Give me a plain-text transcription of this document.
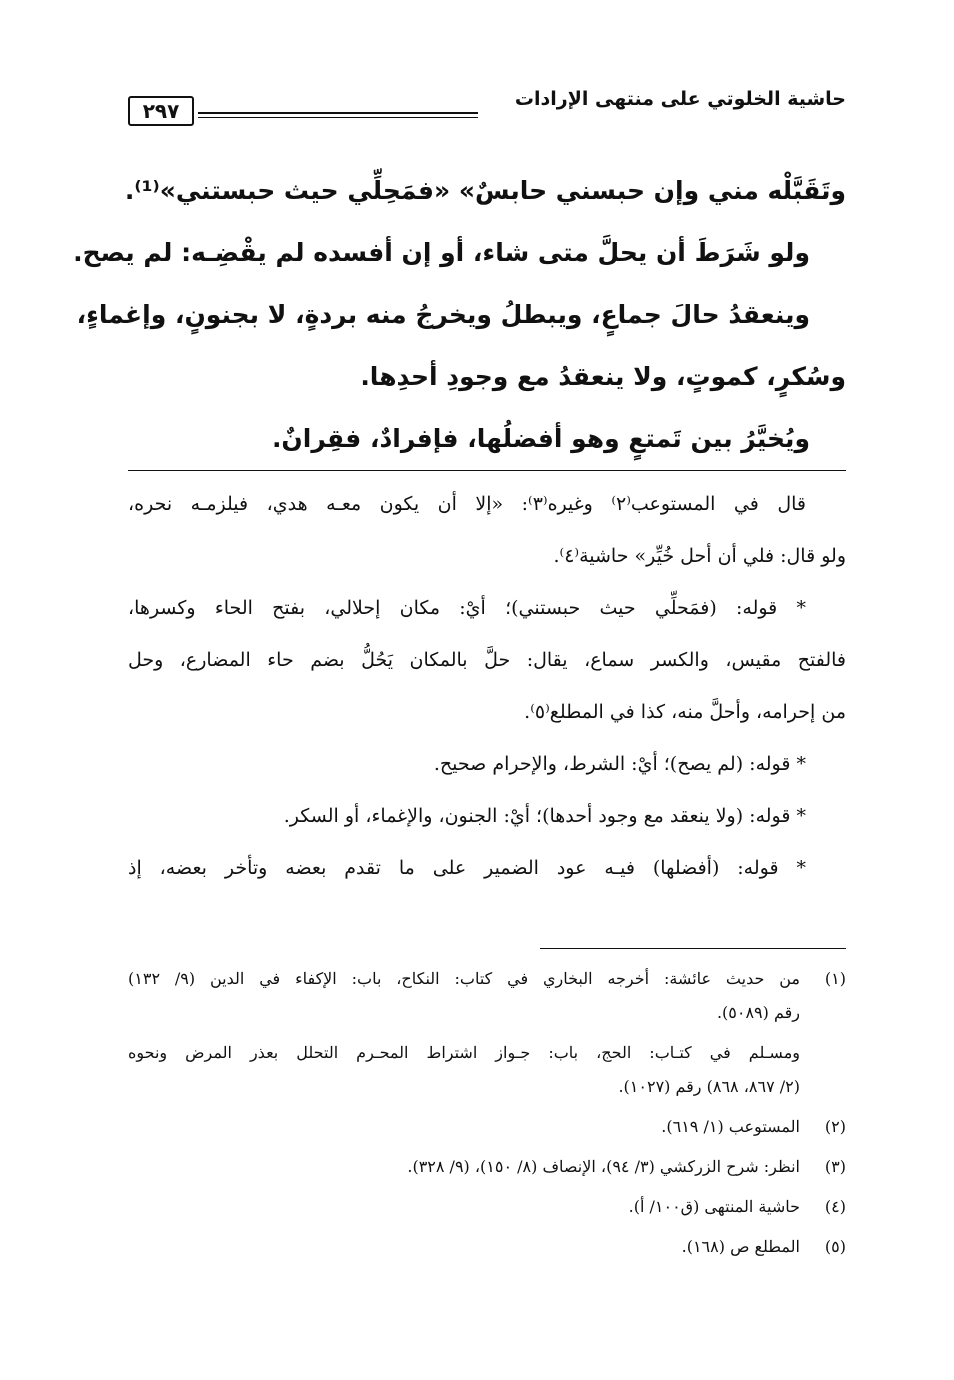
٢٩٧	حاشية الخلوتي على منتهى الإرادات
وتَقَبَّلْه مني وإن حبسني حابسٌ» «فمَحِلِّي حيث حبستني»⁽¹⁾.
ولو شَرَطَ أن يحلَّ متى شاء، أو إن أفسده لم يقْضِـه: لم يصح.
وينعقدُ حالَ جماعٍ، ويبطلُ ويخرجُ منه بردةٍ، لا بجنونٍ، وإغماءٍ،
وسُكرٍ، كموتٍ، ولا ينعقدُ مع وجودِ أحدِها.
ويُخيَّرُ بين تَمتعٍ وهو أفضلُها، فإفرادٌ، فقِرانٌ.
قال في المستوعب⁽٢⁾ وغيره⁽٣⁾: «إلا أن يكون معـه هدي، فيلزمـه نحره،
ولو قال: فلي أن أحل خُيِّر» حاشية⁽٤⁾.
* قوله: (فمَحلِّي حيث حبستني)؛ أيْ: مكان إحلالي، بفتح الحاء وكسرها،
فالفتح مقيس، والكسر سماع، يقال: حلَّ بالمكان يَحُلُّ بضم حاء المضارع، وحل
من إحرامه، وأحلَّ منه، كذا في المطلع⁽٥⁾.
* قوله: (لم يصح)؛ أيْ: الشرط، والإحرام صحيح.
* قوله: (ولا ينعقد مع وجود أحدها)؛ أيْ: الجنون، والإغماء، أو السكر.
* قوله: (أفضلها) فيـه عود الضمير على ما تقدم بعضه وتأخر بعضه، إذ
(١)من حديث عائشة: أخرجه البخاري في كتاب: النكاح، باب: الإكفاء في الدين (٩/ ١٣٢)
رقم (٥٠٨٩).
ومسـلم في كتـاب: الحج، باب: جـواز اشتراط المحـرم التحلل بعذر المرض ونحوه
(٢/ ٨٦٧، ٨٦٨) رقم (١٠٢٧).
(٢)المستوعب (١/ ٦١٩).
(٣)انظر: شرح الزركشي (٣/ ٩٤)، الإنصاف (٨/ ١٥٠)، (٩/ ٣٢٨).
(٤)حاشية المنتهى (ق١٠٠/ أ).
(٥)المطلع ص (١٦٨).
